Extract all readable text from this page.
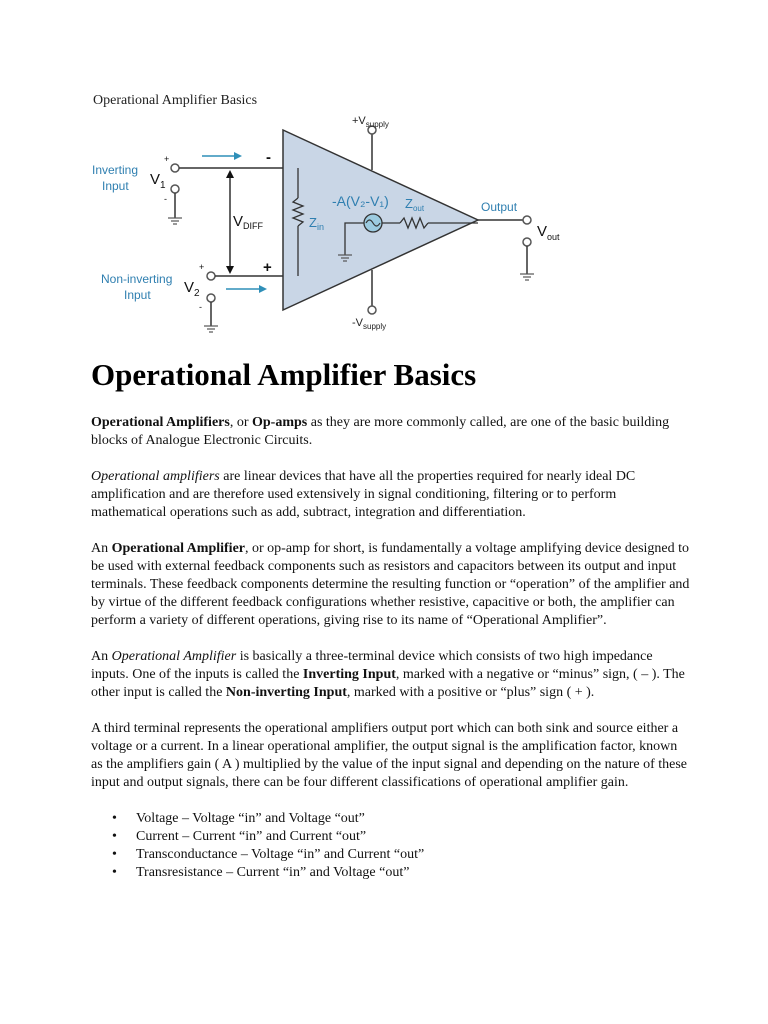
Operational Amplifier Basics
$+V_{supply}$
$-V_{supply}$
Inverting
Input $V_1$
+
-
Non-inverting
Input $V_2$
+
-
$V_{DIFF}$
-
+
$Z_{in}$
-A(V₂-V₁) $Z_{out}$	Output
$V_{out}$
Operational Amplifier Basics

Operational Amplifiers, or Op-amps as they are more commonly called, are one of the basic building blocks of Analogue Electronic Circuits.

Operational amplifiers are linear devices that have all the properties required for nearly ideal DC amplification and are therefore used extensively in signal conditioning, filtering or to perform mathematical operations such as add, subtract, integration and differentiation.

An Operational Amplifier, or op-amp for short, is fundamentally a voltage amplifying device designed to be used with external feedback components such as resistors and capacitors between its output and input terminals. These feedback components determine the resulting function or “operation” of the amplifier and by virtue of the different feedback configurations whether resistive, capacitive or both, the amplifier can perform a variety of different operations, giving rise to its name of “Operational Amplifier”.

An Operational Amplifier is basically a three-terminal device which consists of two high impedance inputs. One of the inputs is called the Inverting Input, marked with a negative or “minus” sign, ( – ). The other input is called the Non-inverting Input, marked with a positive or “plus” sign ( + ).

A third terminal represents the operational amplifiers output port which can both sink and source either a voltage or a current. In a linear operational amplifier, the output signal is the amplification factor, known as the amplifiers gain ( A ) multiplied by the value of the input signal and depending on the nature of these input and output signals, there can be four different classifications of operational amplifier gain.

• Voltage – Voltage “in” and Voltage “out”
• Current – Current “in” and Current “out”
• Transconductance – Voltage “in” and Current “out”
• Transresistance – Current “in” and Voltage “out”
